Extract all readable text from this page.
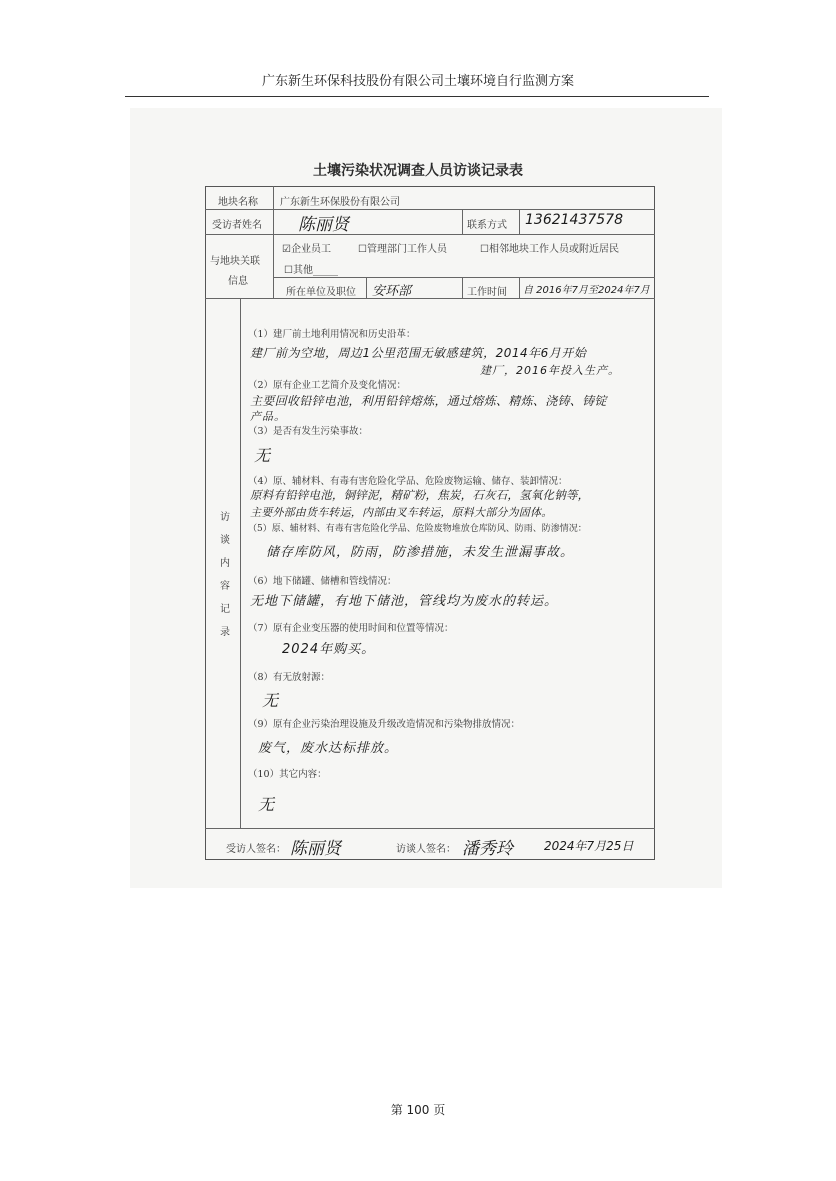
广东新生环保科技股份有限公司土壤环境自行监测方案
土壤污染状况调查人员访谈记录表
地块名称 广东新生环保股份有限公司
受访者姓名 陈丽贤	联系方式 13621437578
与地块关联
信息
☑企业员工	☐管理部门工作人员	☐相邻地块工作人员或附近居民
☐其他_____
所在单位及职位 安环部	工作时间 自 2016年7月至2024年7月
访
谈
内
容
记
录
（1）建厂前土地利用情况和历史沿革：
建厂前为空地，周边1公里范围无敏感建筑，2014年6月开始
建厂，2016年投入生产。
（2）原有企业工艺简介及变化情况：
主要回收铅锌电池，利用铅锌熔炼，通过熔炼、精炼、浇铸、铸锭
产品。
（3）是否有发生污染事故：
无
（4）原、辅材料、有毒有害危险化学品、危险废物运输、储存、装卸情况：
原料有铅锌电池，铜锌泥，精矿粉，焦炭，石灰石，氢氧化钠等，
主要外部由货车转运，内部由叉车转运，原料大部分为固体。
（5）原、辅材料、有毒有害危险化学品、危险废物堆放仓库防风、防雨、防渗情况：
储存库防风，防雨，防渗措施，未发生泄漏事故。
（6）地下储罐、储槽和管线情况：
无地下储罐，有地下储池，管线均为废水的转运。
（7）原有企业变压器的使用时间和位置等情况：
2024年购买。
（8）有无放射源：
无
（9）原有企业污染治理设施及升级改造情况和污染物排放情况：
废气，废水达标排放。
（10）其它内容：
无
受访人签名： 陈丽贤	访谈人签名： 潘秀玲	2024年7月25日
第 100 页
